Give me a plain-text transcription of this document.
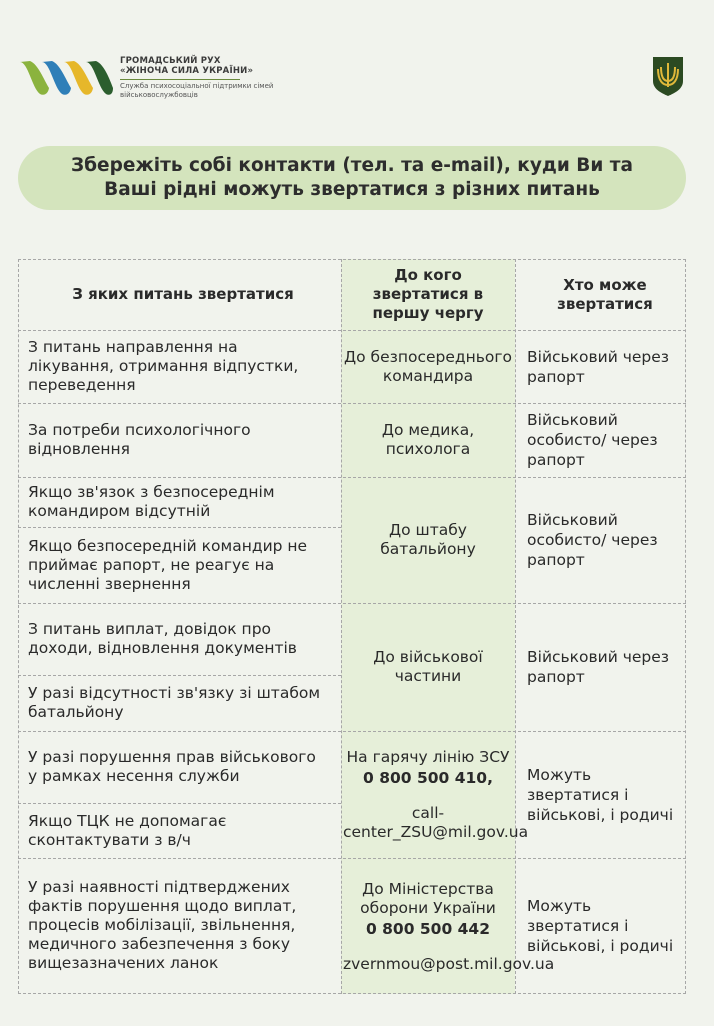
ГРОМАДСЬКИЙ РУХ
«ЖІНОЧА СИЛА УКРАЇНИ»
Служба психосоціальної підтримки сімей військовослужбовців
Збережіть собі контакти (тел. та e-mail), куди Ви та Ваші рідні можуть звертатися з різних питань
З яких питань звертатися
До кого звертатися в першу чергу
Хто може звертатися
З питань направлення на лікування, отримання відпустки, переведення
До безпосереднього командира
Військовий через рапорт
За потреби психологічного відновлення
До медика, психолога
Військовий особисто/ через рапорт
Якщо зв'язок з безпосереднім командиром відсутній
Якщо безпосередній командир не приймає рапорт, не реагує на численні звернення
До штабу батальйону
Військовий особисто/ через рапорт
З питань виплат, довідок про доходи, відновлення документів
У разі відсутності зв'язку зі штабом батальйону
До військової частини
Військовий через рапорт
У разі порушення прав військового у рамках несення служби
Якщо ТЦК не допомагає сконтактувати з в/ч
На гарячу лінію ЗСУ
0 800 500 410,
call-center_ZSU@mil.gov.ua
Можуть звертатися і військові, і родичі
У разі наявності підтверджених фактів порушення щодо виплат, процесів мобілізації, звільнення, медичного забезпечення з боку вищезазначених ланок
До Міністерства оборони України
0 800 500 442
zvernmou@post.mil.gov.ua
Можуть звертатися і військові, і родичі
